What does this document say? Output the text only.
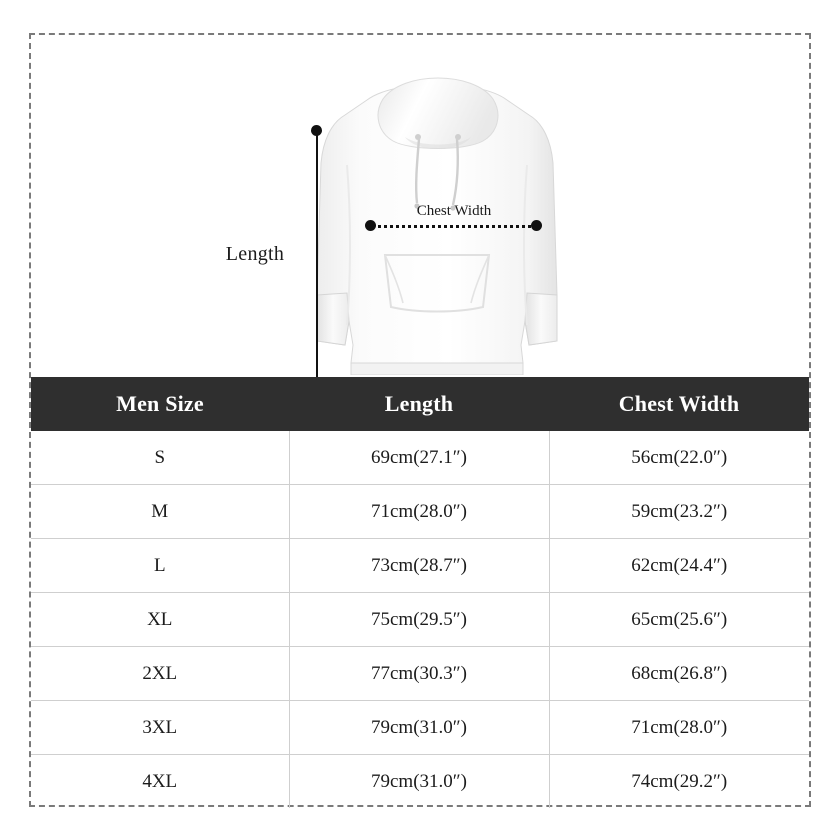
Length
Chest Width
Men Size	Length	Chest Width
S	69cm(27.1″)	56cm(22.0″)
M	71cm(28.0″)	59cm(23.2″)
L	73cm(28.7″)	62cm(24.4″)
XL	75cm(29.5″)	65cm(25.6″)
2XL	77cm(30.3″)	68cm(26.8″)
3XL	79cm(31.0″)	71cm(28.0″)
4XL	79cm(31.0″)	74cm(29.2″)
